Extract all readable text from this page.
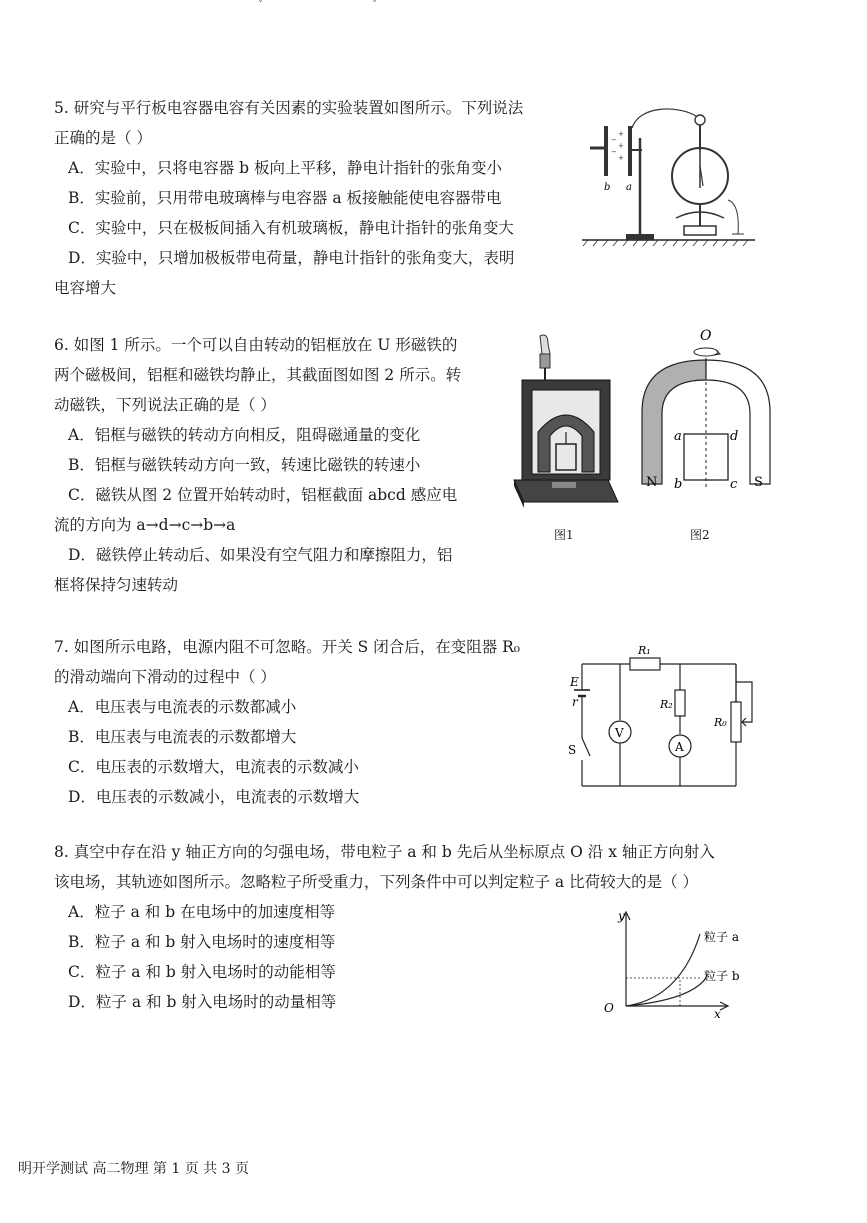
˅	˄
5. 研究与平行板电容器电容有关因素的实验装置如图所示。下列说法
正确的是（ ）
A．实验中，只将电容器 b 板向上平移，静电计指针的张角变小
B．实验前，只用带电玻璃棒与电容器 a 板接触能使电容器带电
C．实验中，只在极板间插入有机玻璃板，静电计指针的张角变大
D．实验中，只增加极板带电荷量，静电计指针的张角变大，表明
电容增大
+
+
+
−
−
b a
6. 如图 1 所示。一个可以自由转动的铝框放在 U 形磁铁的
两个磁极间，铝框和磁铁均静止，其截面图如图 2 所示。转
动磁铁，下列说法正确的是（ ）
A．铝框与磁铁的转动方向相反，阻碍磁通量的变化
B．铝框与磁铁转动方向一致，转速比磁铁的转速小
C．磁铁从图 2 位置开始转动时，铝框截面 abcd 感应电
流的方向为 a→d→c→b→a
D．磁铁停止转动后、如果没有空气阻力和摩擦阻力，铝
框将保持匀速转动
图1
O
a	d
b	c
N	S
图2
7. 如图所示电路，电源内阻不可忽略。开关 S 闭合后，在变阻器 R₀
的滑动端向下滑动的过程中（ ）
A．电压表与电流表的示数都减小
B．电压表与电流表的示数都增大
C．电压表的示数增大，电流表的示数减小
D．电压表的示数减小，电流表的示数增大
R₁
R₂
R₀
E
r
S
V
A
8. 真空中存在沿 y 轴正方向的匀强电场，带电粒子 a 和 b 先后从坐标原点 O 沿 x 轴正方向射入
该电场，其轨迹如图所示。忽略粒子所受重力，下列条件中可以判定粒子 a 比荷较大的是（ ）
A．粒子 a 和 b 在电场中的加速度相等
B．粒子 a 和 b 射入电场时的速度相等
C．粒子 a 和 b 射入电场时的动能相等
D．粒子 a 和 b 射入电场时的动量相等
y
x
O
粒子 a
粒子 b
明开学测试 高二物理 第 1 页 共 3 页
